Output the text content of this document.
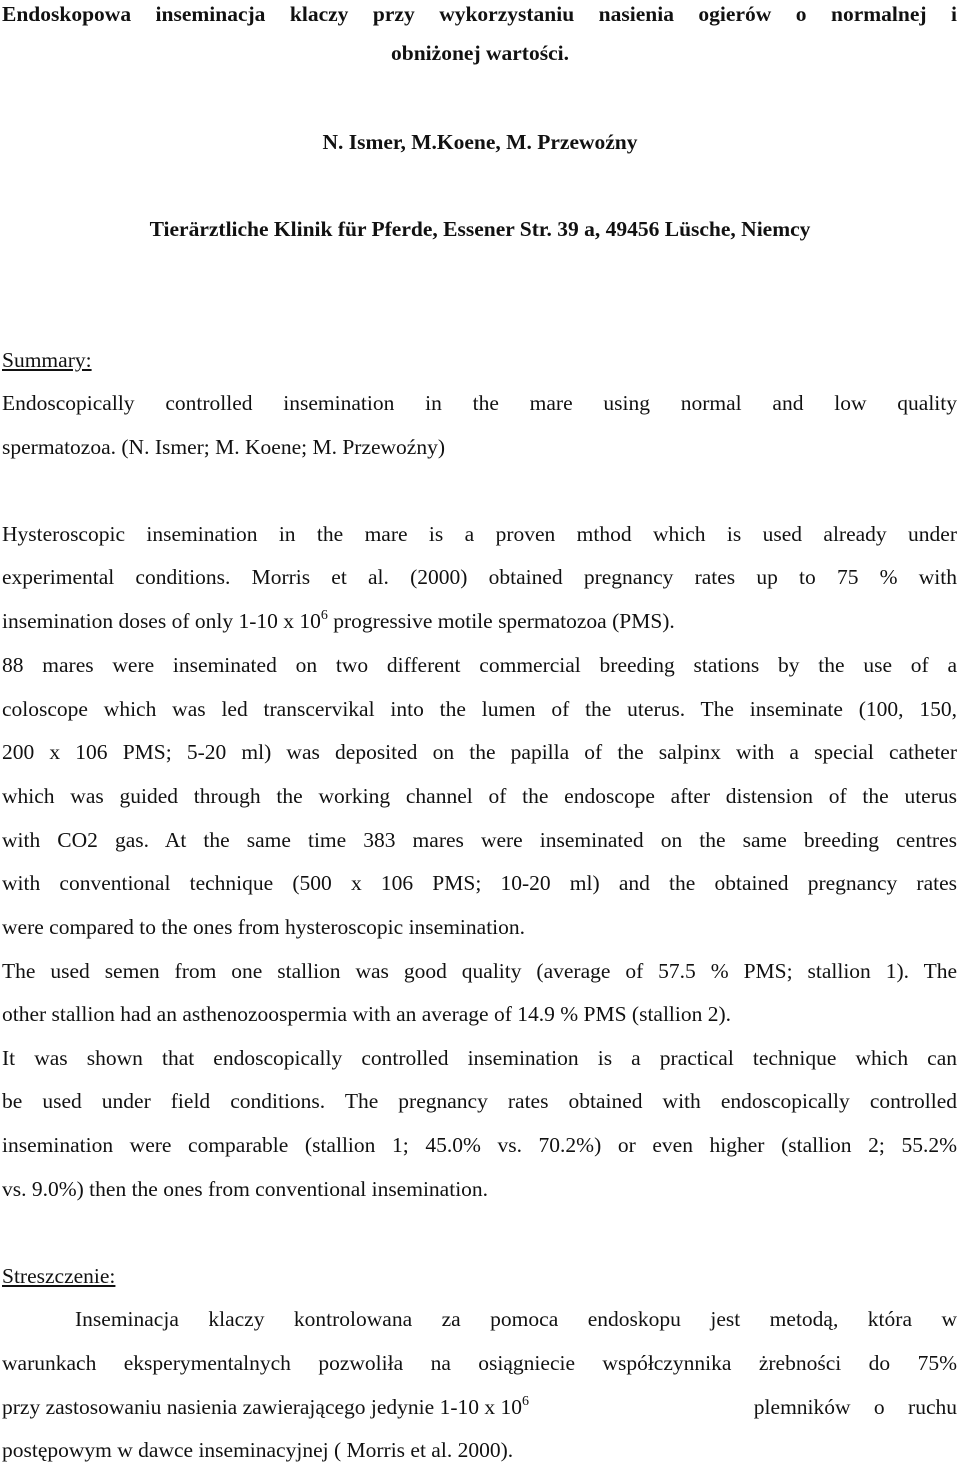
Endoskopowa inseminacja klaczy przy wykorzystaniu nasienia ogierów o normalnej i

obniżonej wartości.

N. Ismer, M.Koene, M. Przewoźny

Tierärztliche Klinik für Pferde, Essener Str. 39 a, 49456 Lüsche, Niemcy

Summary:

Endoscopically controlled insemination in the mare using normal and low quality

spermatozoa. (N. Ismer; M. Koene; M. Przewoźny)

Hysteroscopic insemination in the mare is a proven mthod which is used already under

experimental conditions. Morris et al. (2000) obtained pregnancy rates up to 75 % with

insemination doses of only 1-10 x $10^6$ progressive motile spermatozoa (PMS).

88 mares were inseminated on two different commercial breeding stations by the use of a

coloscope which was led transcervikal into the lumen of the uterus. The inseminate (100, 150,

200 x 106 PMS; 5-20 ml) was deposited on the papilla of the salpinx with a special catheter

which was guided through the working channel of the endoscope after distension of the uterus

with CO2 gas. At the same time 383 mares were inseminated on the same breeding centres

with conventional technique (500 x 106 PMS; 10-20 ml) and the obtained pregnancy rates

were compared to the ones from hysteroscopic insemination.

The used semen from one stallion was good quality (average of 57.5 % PMS; stallion 1). The

other stallion had an asthenozoospermia with an average of 14.9 % PMS (stallion 2).

It was shown that endoscopically controlled insemination is a practical technique which can

be used under field conditions. The pregnancy rates obtained with endoscopically controlled

insemination were comparable (stallion 1; 45.0% vs. 70.2%) or even higher (stallion 2; 55.2%

vs. 9.0%) then the ones from conventional insemination.

Streszczenie:

Inseminacja klaczy kontrolowana za pomoca endoskopu jest metodą, która w

warunkach eksperymentalnych pozwoliła na osiągniecie współczynnika żrebności do 75%

przy zastosowaniu nasienia zawierającego jedynie 1-10 x $10^6$	plemników o ruchu

postępowym w dawce inseminacyjnej ( Morris et al. 2000).
